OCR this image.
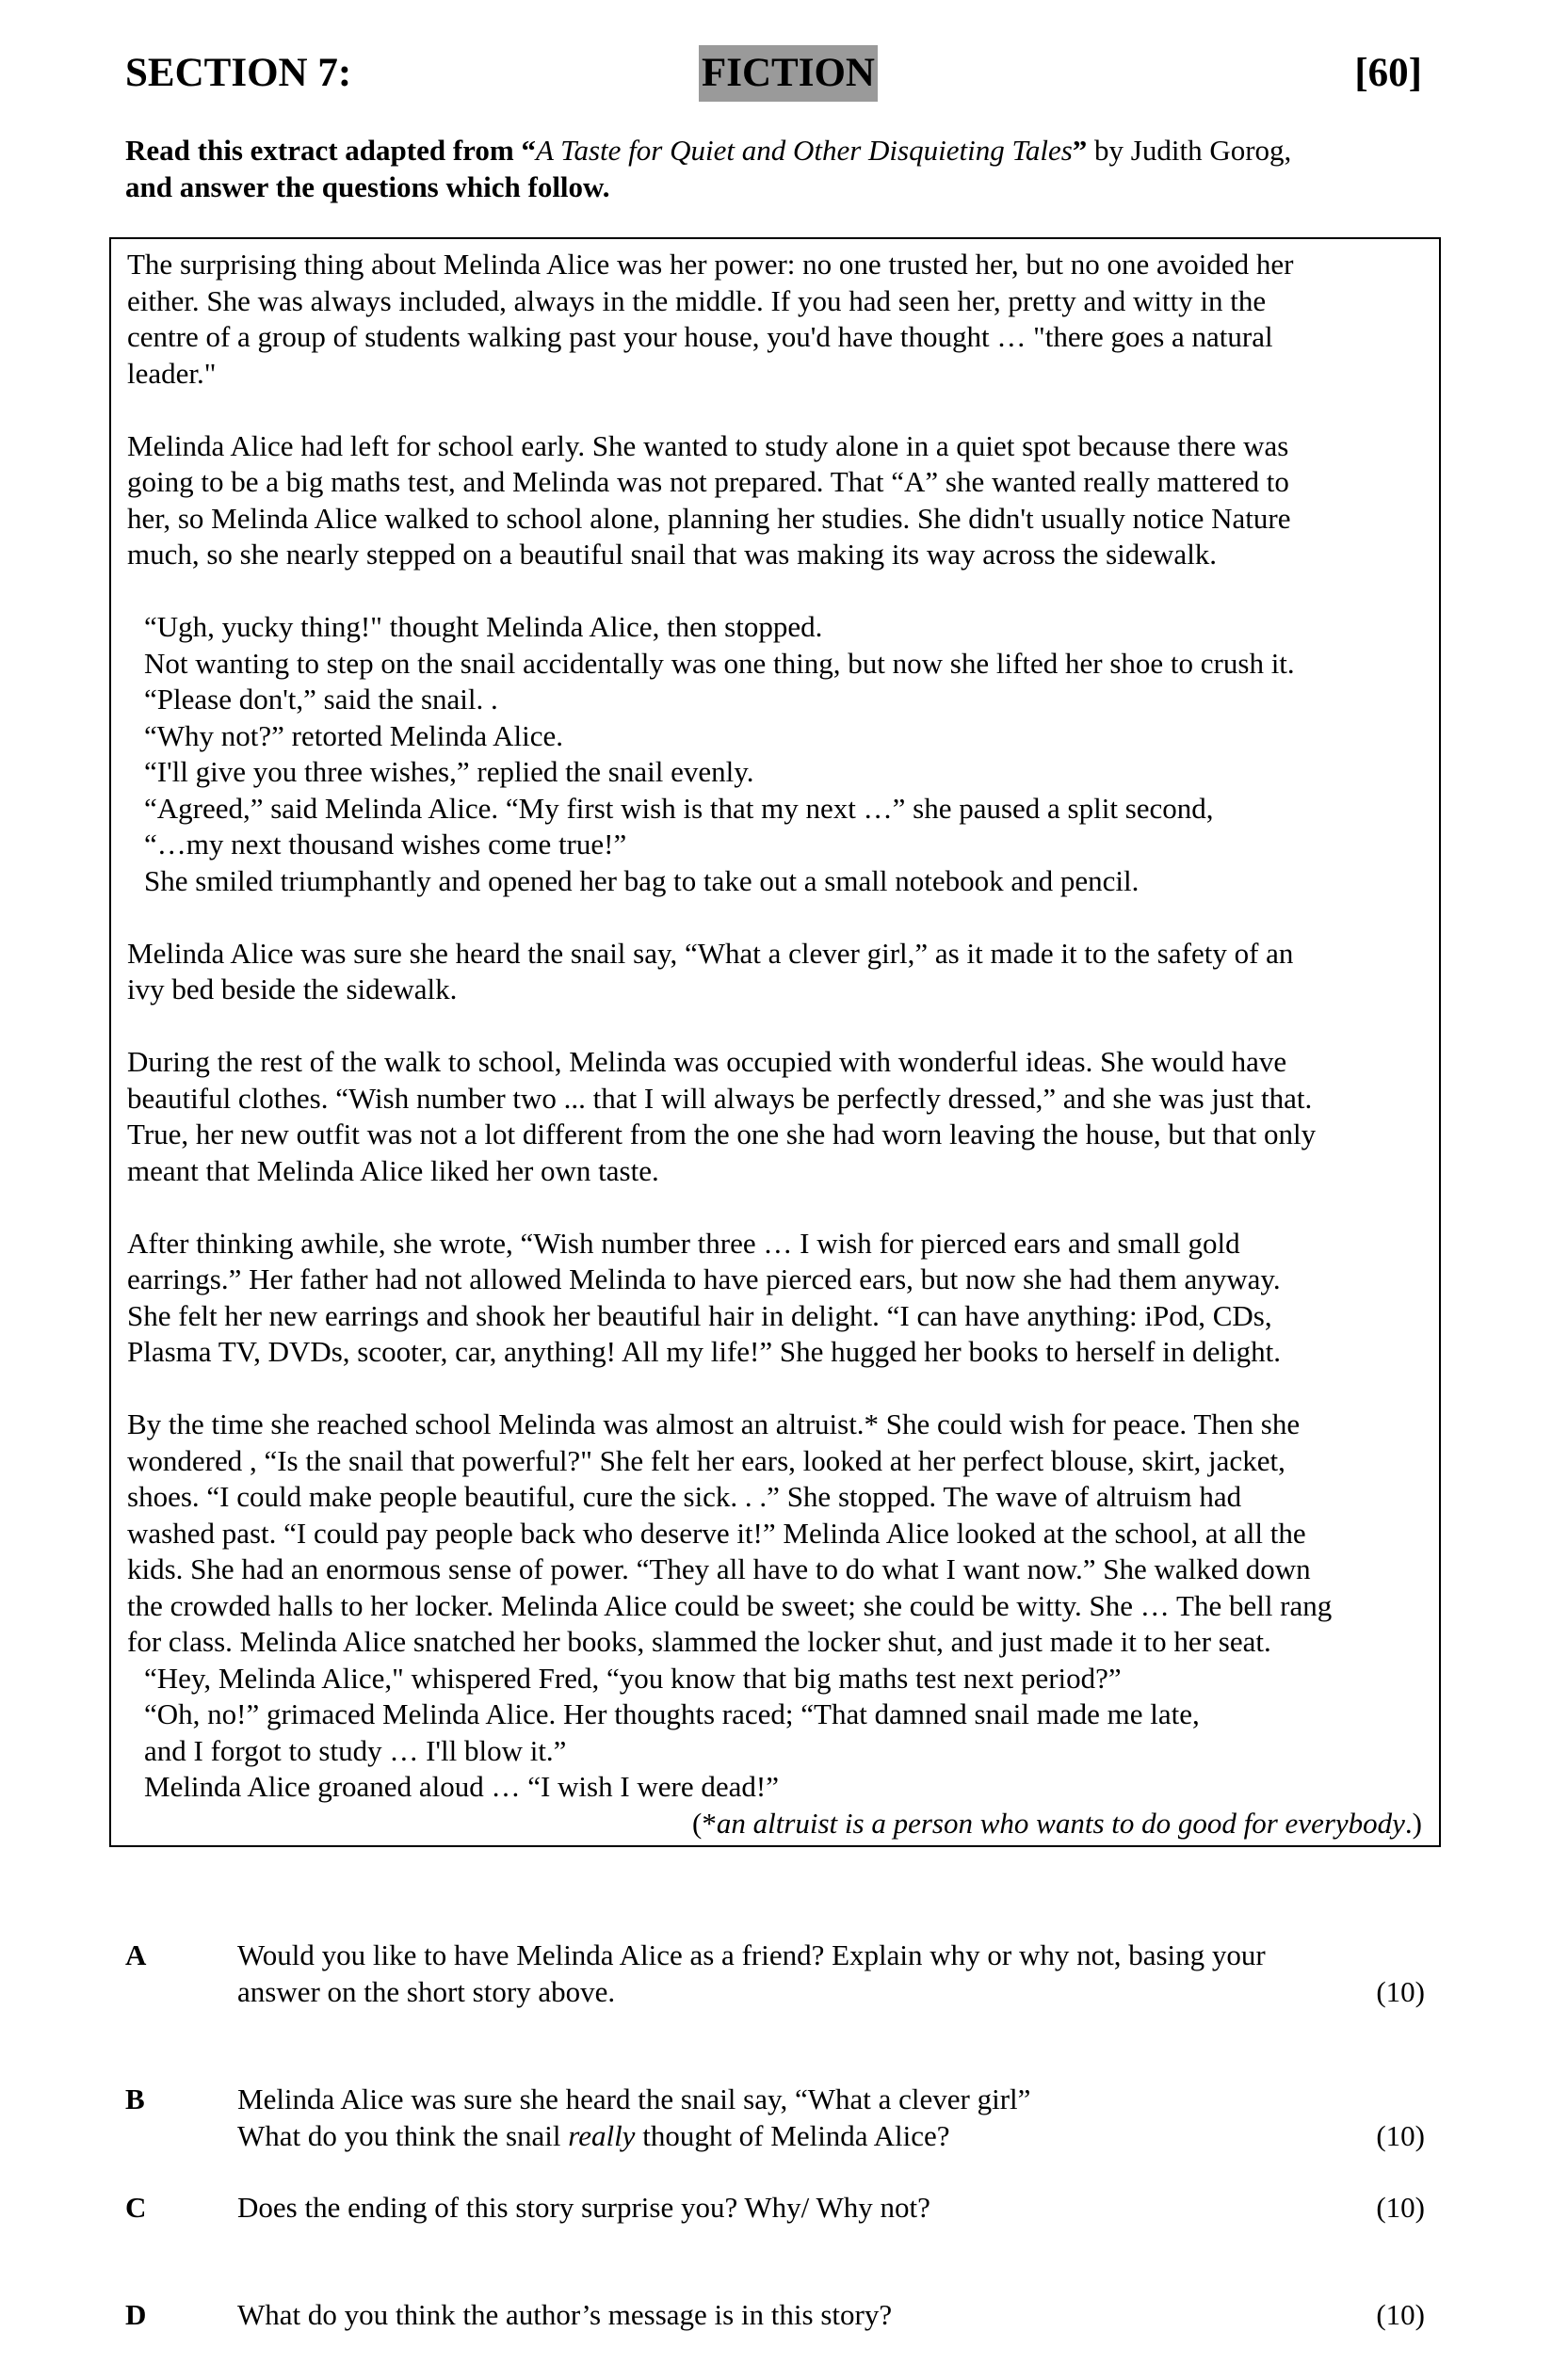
SECTION 7:	FICTION	[60]
Read this extract adapted from “A Taste for Quiet and Other Disquieting Tales” by Judith Gorog,
and answer the questions which follow.

The surprising thing about Melinda Alice was her power: no one trusted her, but no one avoided her

either. She was always included, always in the middle. If you had seen her, pretty and witty in the

centre of a group of students walking past your house, you'd have thought … "there goes a natural

leader."

Melinda Alice had left for school early. She wanted to study alone in a quiet spot because there was

going to be a big maths test, and Melinda was not prepared. That “A” she wanted really mattered to

her, so Melinda Alice walked to school alone, planning her studies. She didn't usually notice Nature

much, so she nearly stepped on a beautiful snail that was making its way across the sidewalk.

“Ugh, yucky thing!" thought Melinda Alice, then stopped.

Not wanting to step on the snail accidentally was one thing, but now she lifted her shoe to crush it.

“Please don't,” said the snail. .

“Why not?” retorted Melinda Alice.

“I'll give you three wishes,” replied the snail evenly.

“Agreed,” said Melinda Alice. “My first wish is that my next …” she paused a split second,

“…my next thousand wishes come true!”

She smiled triumphantly and opened her bag to take out a small notebook and pencil.

Melinda Alice was sure she heard the snail say, “What a clever girl,” as it made it to the safety of an

ivy bed beside the sidewalk.

During the rest of the walk to school, Melinda was occupied with wonderful ideas. She would have

beautiful clothes. “Wish number two ... that I will always be perfectly dressed,” and she was just that.

True, her new outfit was not a lot different from the one she had worn leaving the house, but that only

meant that Melinda Alice liked her own taste.

After thinking awhile, she wrote, “Wish number three … I wish for pierced ears and small gold

earrings.” Her father had not allowed Melinda to have pierced ears, but now she had them anyway.

She felt her new earrings and shook her beautiful hair in delight. “I can have anything: iPod, CDs,

Plasma TV, DVDs, scooter, car, anything! All my life!” She hugged her books to herself in delight.

By the time she reached school Melinda was almost an altruist.* She could wish for peace. Then she

wondered , “Is the snail that powerful?" She felt her ears, looked at her perfect blouse, skirt, jacket,

shoes. “I could make people beautiful, cure the sick. . .” She stopped. The wave of altruism had

washed past. “I could pay people back who deserve it!” Melinda Alice looked at the school, at all the

kids. She had an enormous sense of power. “They all have to do what I want now.” She walked down

the crowded halls to her locker. Melinda Alice could be sweet; she could be witty. She … The bell rang

for class. Melinda Alice snatched her books, slammed the locker shut, and just made it to her seat.

“Hey, Melinda Alice," whispered Fred, “you know that big maths test next period?”

“Oh, no!” grimaced Melinda Alice. Her thoughts raced; “That damned snail made me late,

and I forgot to study … I'll blow it.”

Melinda Alice groaned aloud … “I wish I were dead!”

(*an altruist is a person who wants to do good for everybody.)

A	Would you like to have Melinda Alice as a friend? Explain why or why not, basing your
answer on the short story above.	(10)
B	Melinda Alice was sure she heard the snail say, “What a clever girl”
What do you think the snail really thought of Melinda Alice?	(10)
C	Does the ending of this story surprise you? Why/ Why not?	(10)
D	What do you think the author’s message is in this story?	(10)
